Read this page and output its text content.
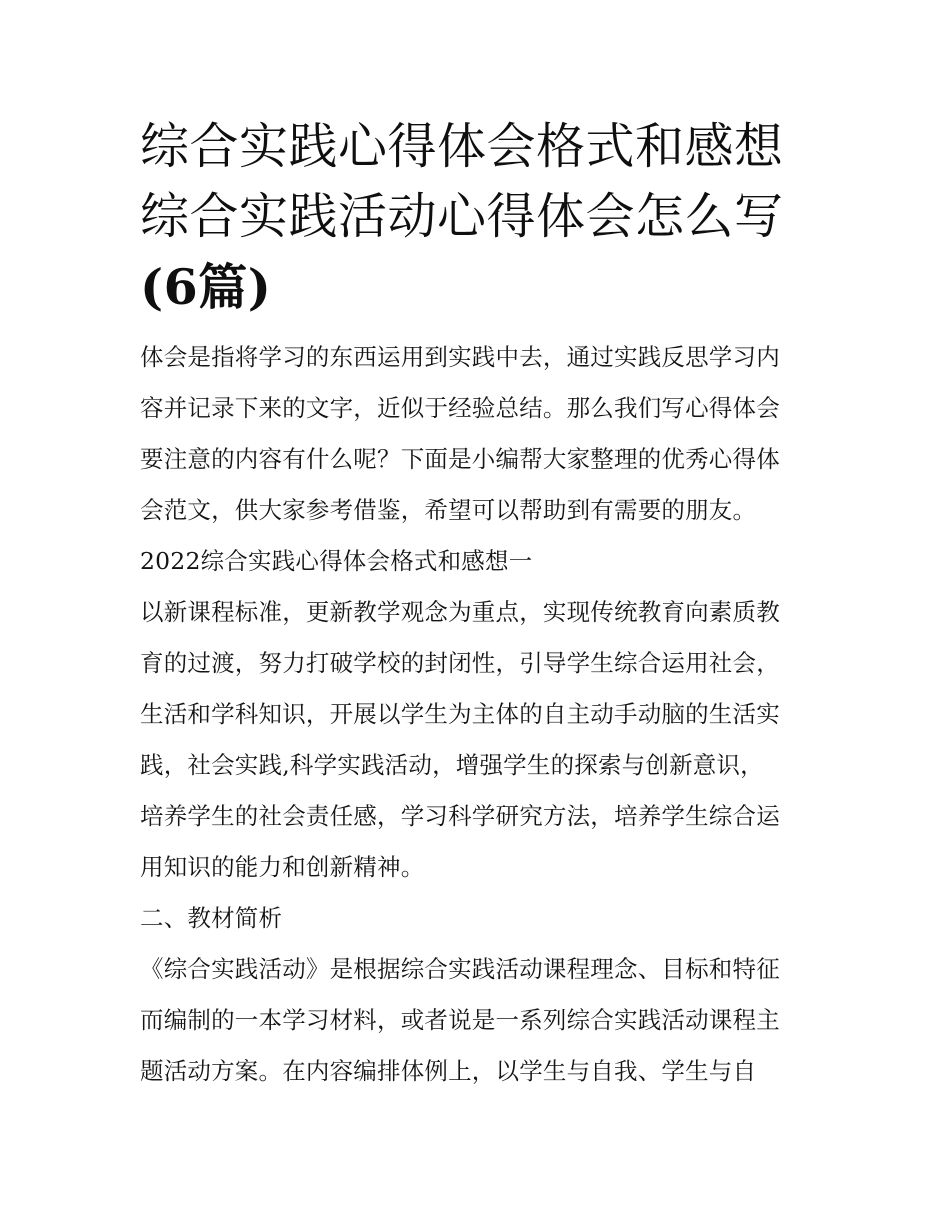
综合实践心得体会格式和感想
综合实践活动心得体会怎么写
(6篇)

体会是指将学习的东西运用到实践中去，通过实践反思学习内
容并记录下来的文字，近似于经验总结。那么我们写心得体会
要注意的内容有什么呢？下面是小编帮大家整理的优秀心得体
会范文，供大家参考借鉴，希望可以帮助到有需要的朋友。

2022综合实践心得体会格式和感想一

以新课程标准，更新教学观念为重点，实现传统教育向素质教
育的过渡，努力打破学校的封闭性，引导学生综合运用社会，
生活和学科知识，开展以学生为主体的自主动手动脑的生活实
践，社会实践,科学实践活动，增强学生的探索与创新意识，
培养学生的社会责任感，学习科学研究方法，培养学生综合运
用知识的能力和创新精神。

二、教材简析

《综合实践活动》是根据综合实践活动课程理念、目标和特征
而编制的一本学习材料，或者说是一系列综合实践活动课程主
题活动方案。在内容编排体例上，以学生与自我、学生与自
